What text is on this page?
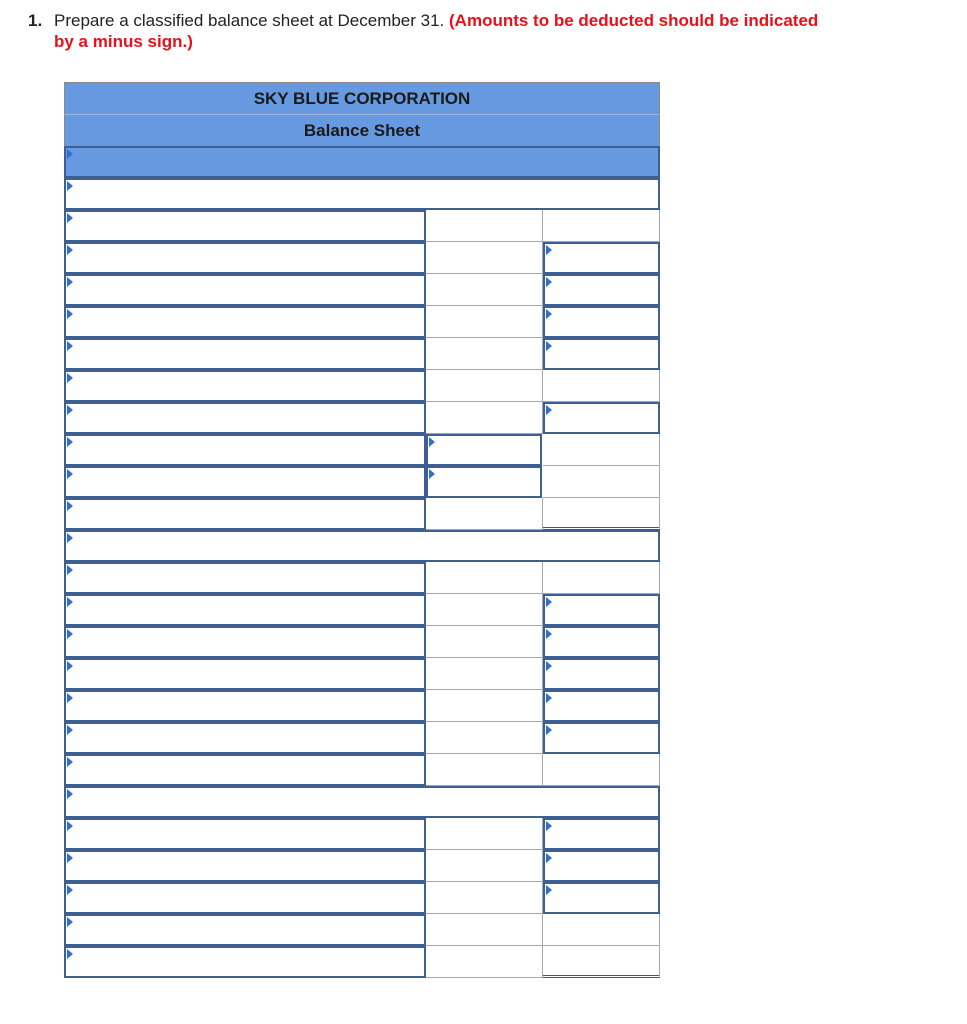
1. Prepare a classified balance sheet at December 31. (Amounts to be deducted should be indicated
by a minus sign.)
SKY BLUE CORPORATION
Balance Sheet
